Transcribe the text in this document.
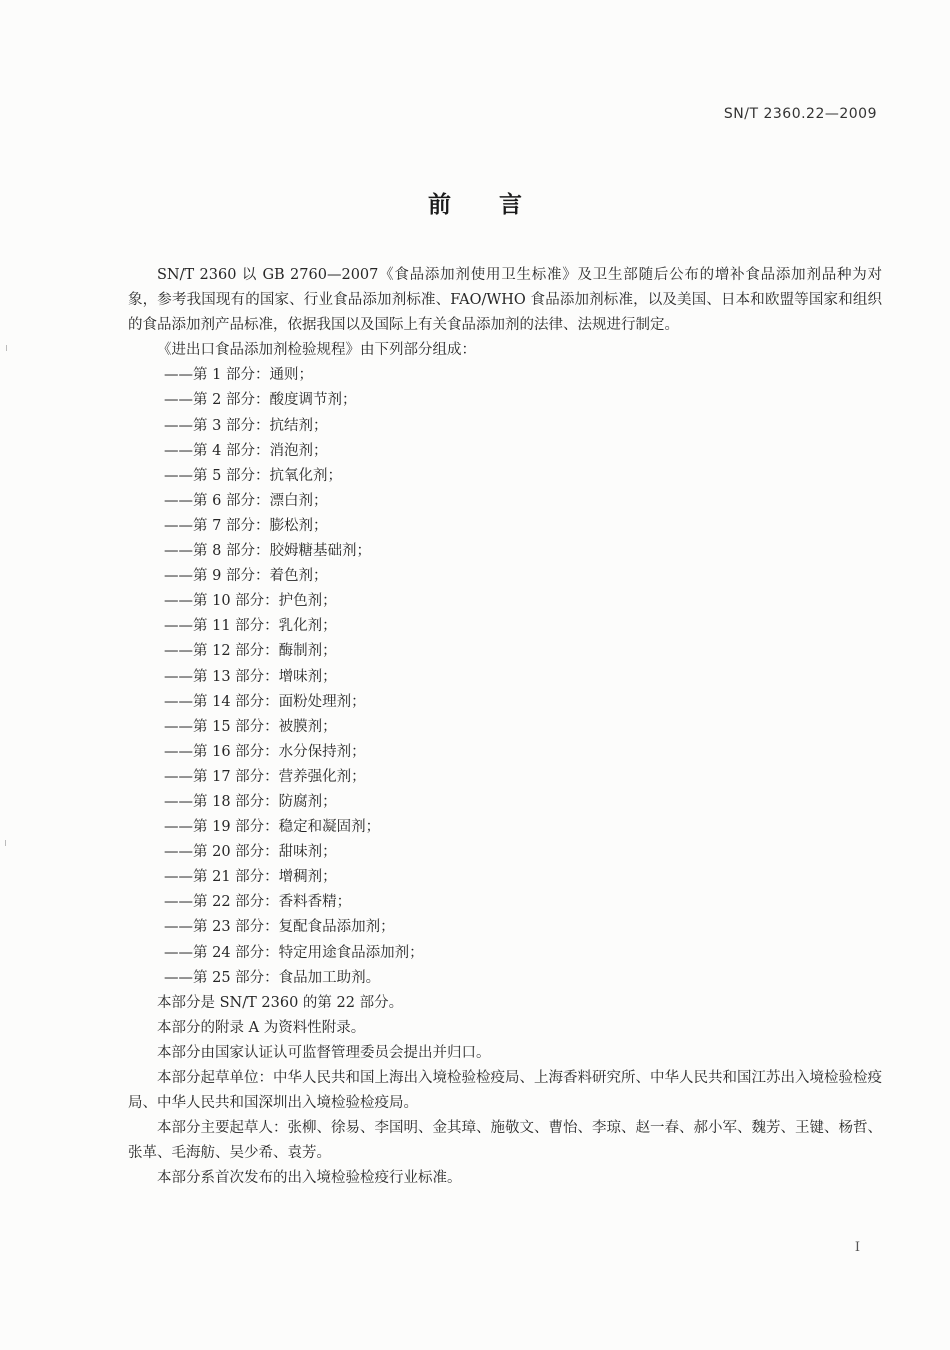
SN/T 2360.22—2009
前言

SN/T 2360 以 GB 2760—2007《食品添加剂使用卫生标准》及卫生部随后公布的增补食品添加剂品种为对象，参考我国现有的国家、行业食品添加剂标准、FAO/WHO 食品添加剂标准，以及美国、日本和欧盟等国家和组织的食品添加剂产品标准，依据我国以及国际上有关食品添加剂的法律、法规进行制定。

《进出口食品添加剂检验规程》由下列部分组成：

——第 1 部分：通则；

——第 2 部分：酸度调节剂；

——第 3 部分：抗结剂；

——第 4 部分：消泡剂；

——第 5 部分：抗氧化剂；

——第 6 部分：漂白剂；

——第 7 部分：膨松剂；

——第 8 部分：胶姆糖基础剂；

——第 9 部分：着色剂；

——第 10 部分：护色剂；

——第 11 部分：乳化剂；

——第 12 部分：酶制剂；

——第 13 部分：增味剂；

——第 14 部分：面粉处理剂；

——第 15 部分：被膜剂；

——第 16 部分：水分保持剂；

——第 17 部分：营养强化剂；

——第 18 部分：防腐剂；

——第 19 部分：稳定和凝固剂；

——第 20 部分：甜味剂；

——第 21 部分：增稠剂；

——第 22 部分：香料香精；

——第 23 部分：复配食品添加剂；

——第 24 部分：特定用途食品添加剂；

——第 25 部分：食品加工助剂。

本部分是 SN/T 2360 的第 22 部分。

本部分的附录 A 为资料性附录。

本部分由国家认证认可监督管理委员会提出并归口。

本部分起草单位：中华人民共和国上海出入境检验检疫局、上海香料研究所、中华人民共和国江苏出入境检验检疫局、中华人民共和国深圳出入境检验检疫局。

本部分主要起草人：张柳、徐易、李国明、金其璋、施敬文、曹怡、李琼、赵一春、郝小军、魏芳、王键、杨哲、张革、毛海舫、吴少希、袁芳。

本部分系首次发布的出入境检验检疫行业标准。

I
